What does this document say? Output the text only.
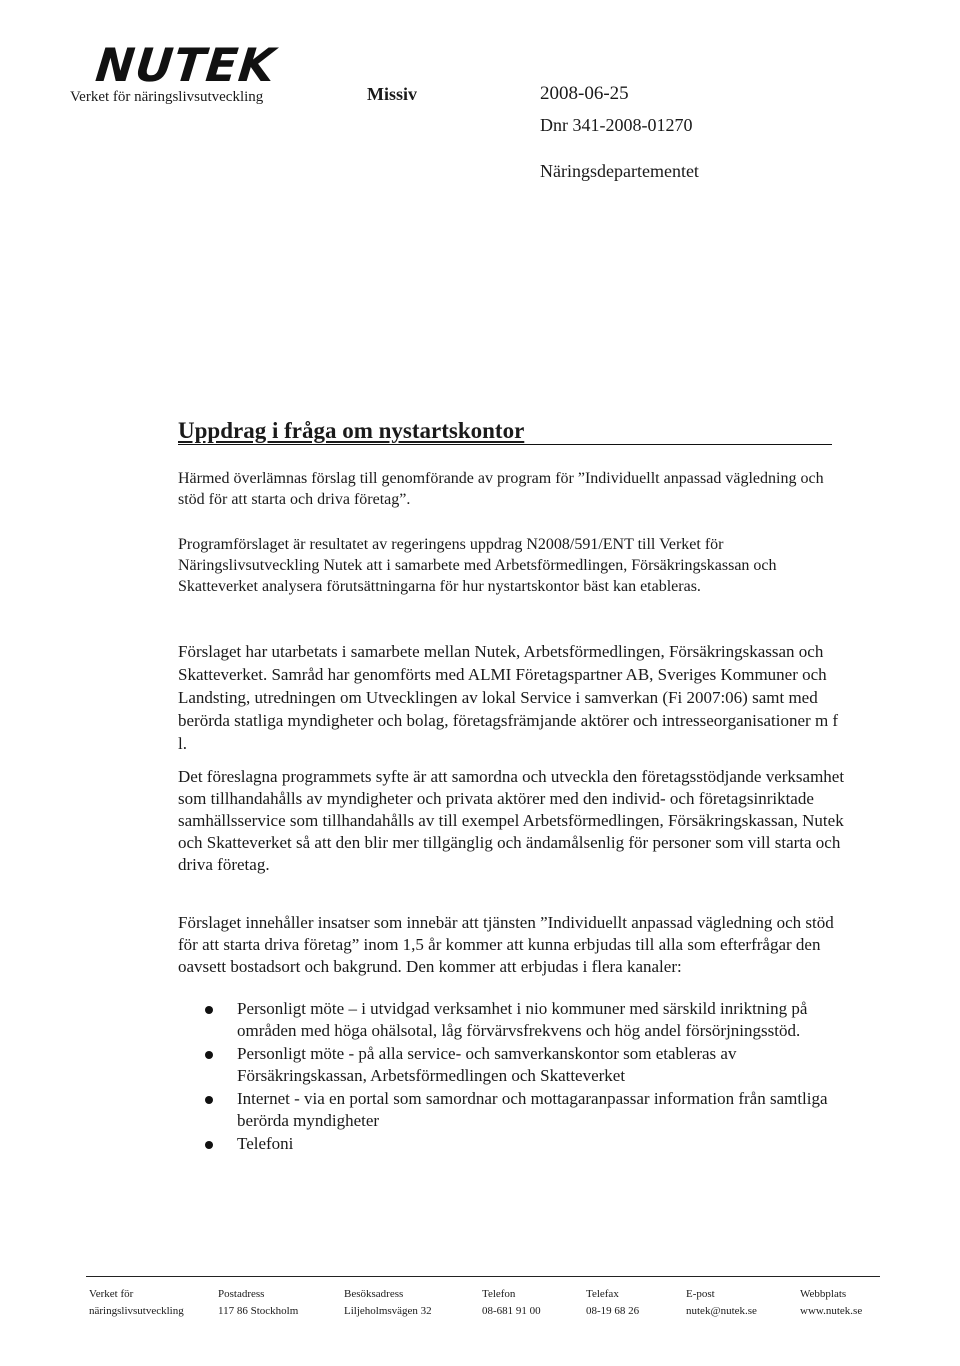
NUTEK
Verket för näringslivsutveckling	Missiv	2008-06-25
Dnr 341-2008-01270
Näringsdepartementet
Uppdrag i fråga om nystartskontor

Härmed överlämnas förslag till genomförande av program för ”Individuellt anpassad vägledning och stöd för att starta och driva företag”.

Programförslaget är resultatet av regeringens uppdrag N2008/591/ENT till Verket för Näringslivsutveckling Nutek att i samarbete med Arbetsförmedlingen, Försäkringskassan och Skatteverket analysera förutsättningarna för hur nystartskontor bäst kan etableras.

Förslaget har utarbetats i samarbete mellan Nutek, Arbetsförmedlingen, Försäkringskassan och Skatteverket. Samråd har genomförts med ALMI Företagspartner AB, Sveriges Kommuner och Landsting, utredningen om Utvecklingen av lokal Service i samverkan (Fi 2007:06) samt med berörda statliga myndigheter och bolag, företagsfrämjande aktörer och intresseorganisationer m f l.

Det föreslagna programmets syfte är att samordna och utveckla den företagsstödjande verksamhet som tillhandahålls av myndigheter och privata aktörer med den individ- och företagsinriktade samhällsservice som tillhandahålls av till exempel Arbetsförmedlingen, Försäkringskassan, Nutek och Skatteverket så att den blir mer tillgänglig och ändamålsenlig för personer som vill starta och driva företag.

Förslaget innehåller insatser som innebär att tjänsten ”Individuellt anpassad vägledning och stöd för att starta driva företag” inom 1,5 år kommer att kunna erbjudas till alla som efterfrågar den oavsett bostadsort och bakgrund. Den kommer att erbjudas i flera kanaler:

Personligt möte – i utvidgad verksamhet i nio kommuner med särskild inriktning på områden med höga ohälsotal, låg förvärvsfrekvens och hög andel försörjningsstöd.
Personligt möte - på alla service- och samverkanskontor som etableras av Försäkringskassan, Arbetsförmedlingen och Skatteverket
Internet - via en portal som samordnar och mottagaranpassar information från samtliga berörda myndigheter
Telefoni
Verket för
näringslivsutveckling
Postadress
117 86 Stockholm
Besöksadress
Liljeholmsvägen 32
Telefon
08-681 91 00
Telefax
08-19 68 26
E-post
nutek@nutek.se
Webbplats
www.nutek.se
